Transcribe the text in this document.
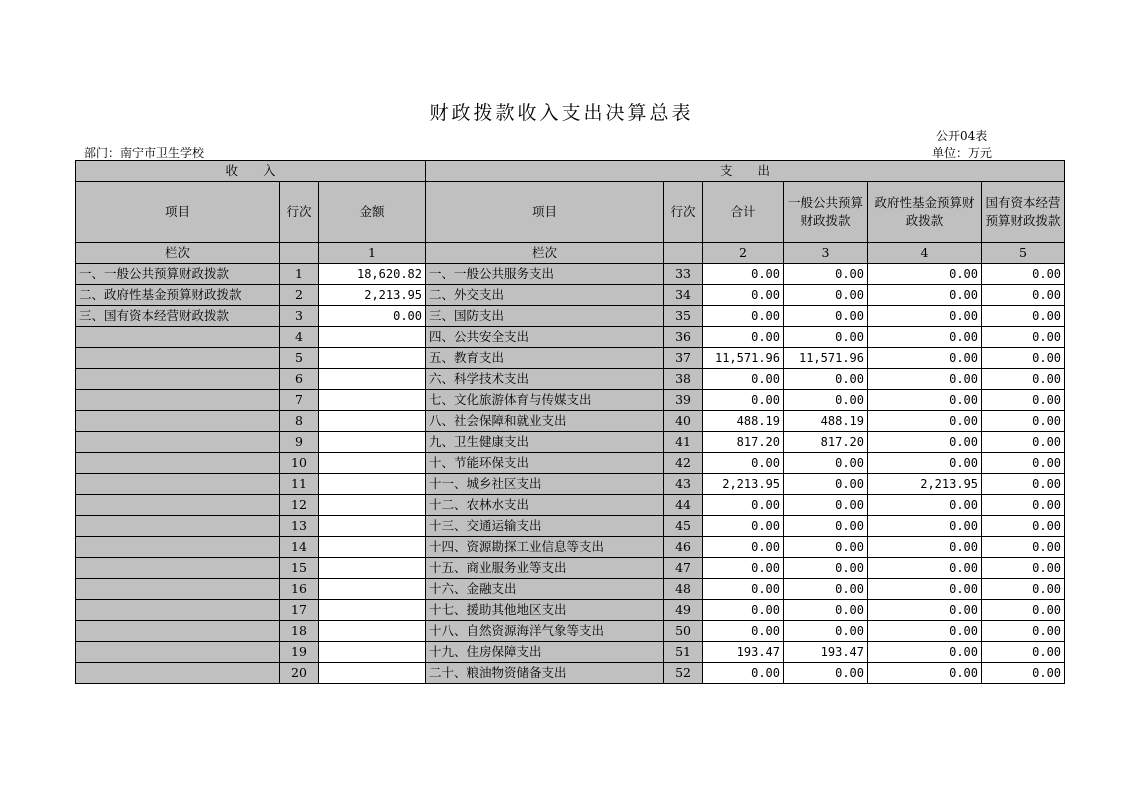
财政拨款收入支出决算总表
公开04表
部门：南宁市卫生学校	单位：万元
收　　入			支　　出					
项目	行次	金额	项目	行次	合计	一般公共预算财政拨款	政府性基金预算财政拨款	国有资本经营预算财政拨款
栏次		1	栏次		2	3	4	5
一、一般公共预算财政拨款	1	18,620.82	一、一般公共服务支出	33	0.00	0.00	0.00	0.00
二、政府性基金预算财政拨款	2	2,213.95	二、外交支出	34	0.00	0.00	0.00	0.00
三、国有资本经营财政拨款	3	0.00	三、国防支出	35	0.00	0.00	0.00	0.00
	4		四、公共安全支出	36	0.00	0.00	0.00	0.00
	5		五、教育支出	37	11,571.96	11,571.96	0.00	0.00
	6		六、科学技术支出	38	0.00	0.00	0.00	0.00
	7		七、文化旅游体育与传媒支出	39	0.00	0.00	0.00	0.00
	8		八、社会保障和就业支出	40	488.19	488.19	0.00	0.00
	9		九、卫生健康支出	41	817.20	817.20	0.00	0.00
	10		十、节能环保支出	42	0.00	0.00	0.00	0.00
	11		十一、城乡社区支出	43	2,213.95	0.00	2,213.95	0.00
	12		十二、农林水支出	44	0.00	0.00	0.00	0.00
	13		十三、交通运输支出	45	0.00	0.00	0.00	0.00
	14		十四、资源勘探工业信息等支出	46	0.00	0.00	0.00	0.00
	15		十五、商业服务业等支出	47	0.00	0.00	0.00	0.00
	16		十六、金融支出	48	0.00	0.00	0.00	0.00
	17		十七、援助其他地区支出	49	0.00	0.00	0.00	0.00
	18		十八、自然资源海洋气象等支出	50	0.00	0.00	0.00	0.00
	19		十九、住房保障支出	51	193.47	193.47	0.00	0.00
	20		二十、粮油物资储备支出	52	0.00	0.00	0.00	0.00
